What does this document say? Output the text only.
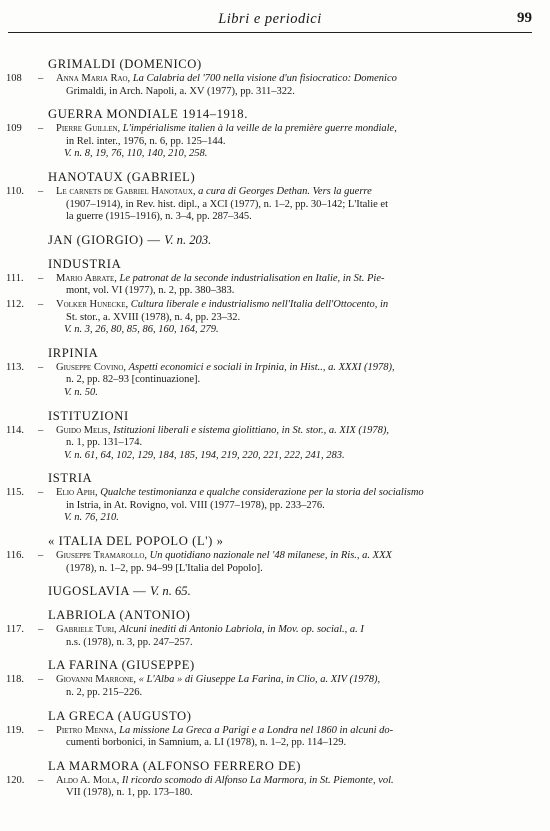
Libri e periodici	99
GRIMALDI (DOMENICO)
108	–	Anna Maria Rao, La Calabria del '700 nella visione d'un fisiocratico: Domenico
Grimaldi, in Arch. Napoli, a. XV (1977), pp. 311–322.
GUERRA MONDIALE 1914–1918.
109	–	Pierre Guillen, L'impérialisme italien à la veille de la première guerre mondiale,
in Rel. inter., 1976, n. 6, pp. 125–144.
V. n. 8, 19, 76, 110, 140, 210, 258.
HANOTAUX (GABRIEL)
110.	–	Le carnets de Gabriel Hanotaux, a cura di Georges Dethan. Vers la guerre
(1907–1914), in Rev. hist. dipl., a XCI (1977), n. 1–2, pp. 30–142; L'Italie et
la guerre (1915–1916), n. 3–4, pp. 287–345.
JAN (GIORGIO) — V. n. 203.
INDUSTRIA
111.	–	Mario Abrate, Le patronat de la seconde industrialisation en Italie, in St. Pie-
mont, vol. VI (1977), n. 2, pp. 380–383.
112.	–	Volker Hunecke, Cultura liberale e industrialismo nell'Italia dell'Ottocento, in
St. stor., a. XVIII (1978), n. 4, pp. 23–32.
V. n. 3, 26, 80, 85, 86, 160, 164, 279.
IRPINIA
113.	–	Giuseppe Covino, Aspetti economici e sociali in Irpinia, in Hist.., a. XXXI (1978),
n. 2, pp. 82–93 [continuazione].
V. n. 50.
ISTITUZIONI
114.	–	Guido Melis, Istituzioni liberali e sistema giolittiano, in St. stor., a. XIX (1978),
n. 1, pp. 131–174.
V. n. 61, 64, 102, 129, 184, 185, 194, 219, 220, 221, 222, 241, 283.
ISTRIA
115.	–	Elio Apih, Qualche testimonianza e qualche considerazione per la storia del socialismo
in Istria, in At. Rovigno, vol. VIII (1977–1978), pp. 233–276.
V. n. 76, 210.
« ITALIA DEL POPOLO (L') »
116.	–	Giuseppe Tramarollo, Un quotidiano nazionale nel '48 milanese, in Ris., a. XXX
(1978), n. 1–2, pp. 94–99 [L'Italia del Popolo].
IUGOSLAVIA — V. n. 65.
LABRIOLA (ANTONIO)
117.	–	Gabriele Turi, Alcuni inediti di Antonio Labriola, in Mov. op. social., a. I
n.s. (1978), n. 3, pp. 247–257.
LA FARINA (GIUSEPPE)
118.	–	Giovanni Marrone, « L'Alba » di Giuseppe La Farina, in Clio, a. XIV (1978),
n. 2, pp. 215–226.
LA GRECA (AUGUSTO)
119.	–	Pietro Menna, La missione La Greca a Parigi e a Londra nel 1860 in alcuni do-
cumenti borbonici, in Samnium, a. LI (1978), n. 1–2, pp. 114–129.
LA MARMORA (ALFONSO FERRERO DE)
120.	–	Aldo A. Mola, Il ricordo scomodo di Alfonso La Marmora, in St. Piemonte, vol.
VII (1978), n. 1, pp. 173–180.
